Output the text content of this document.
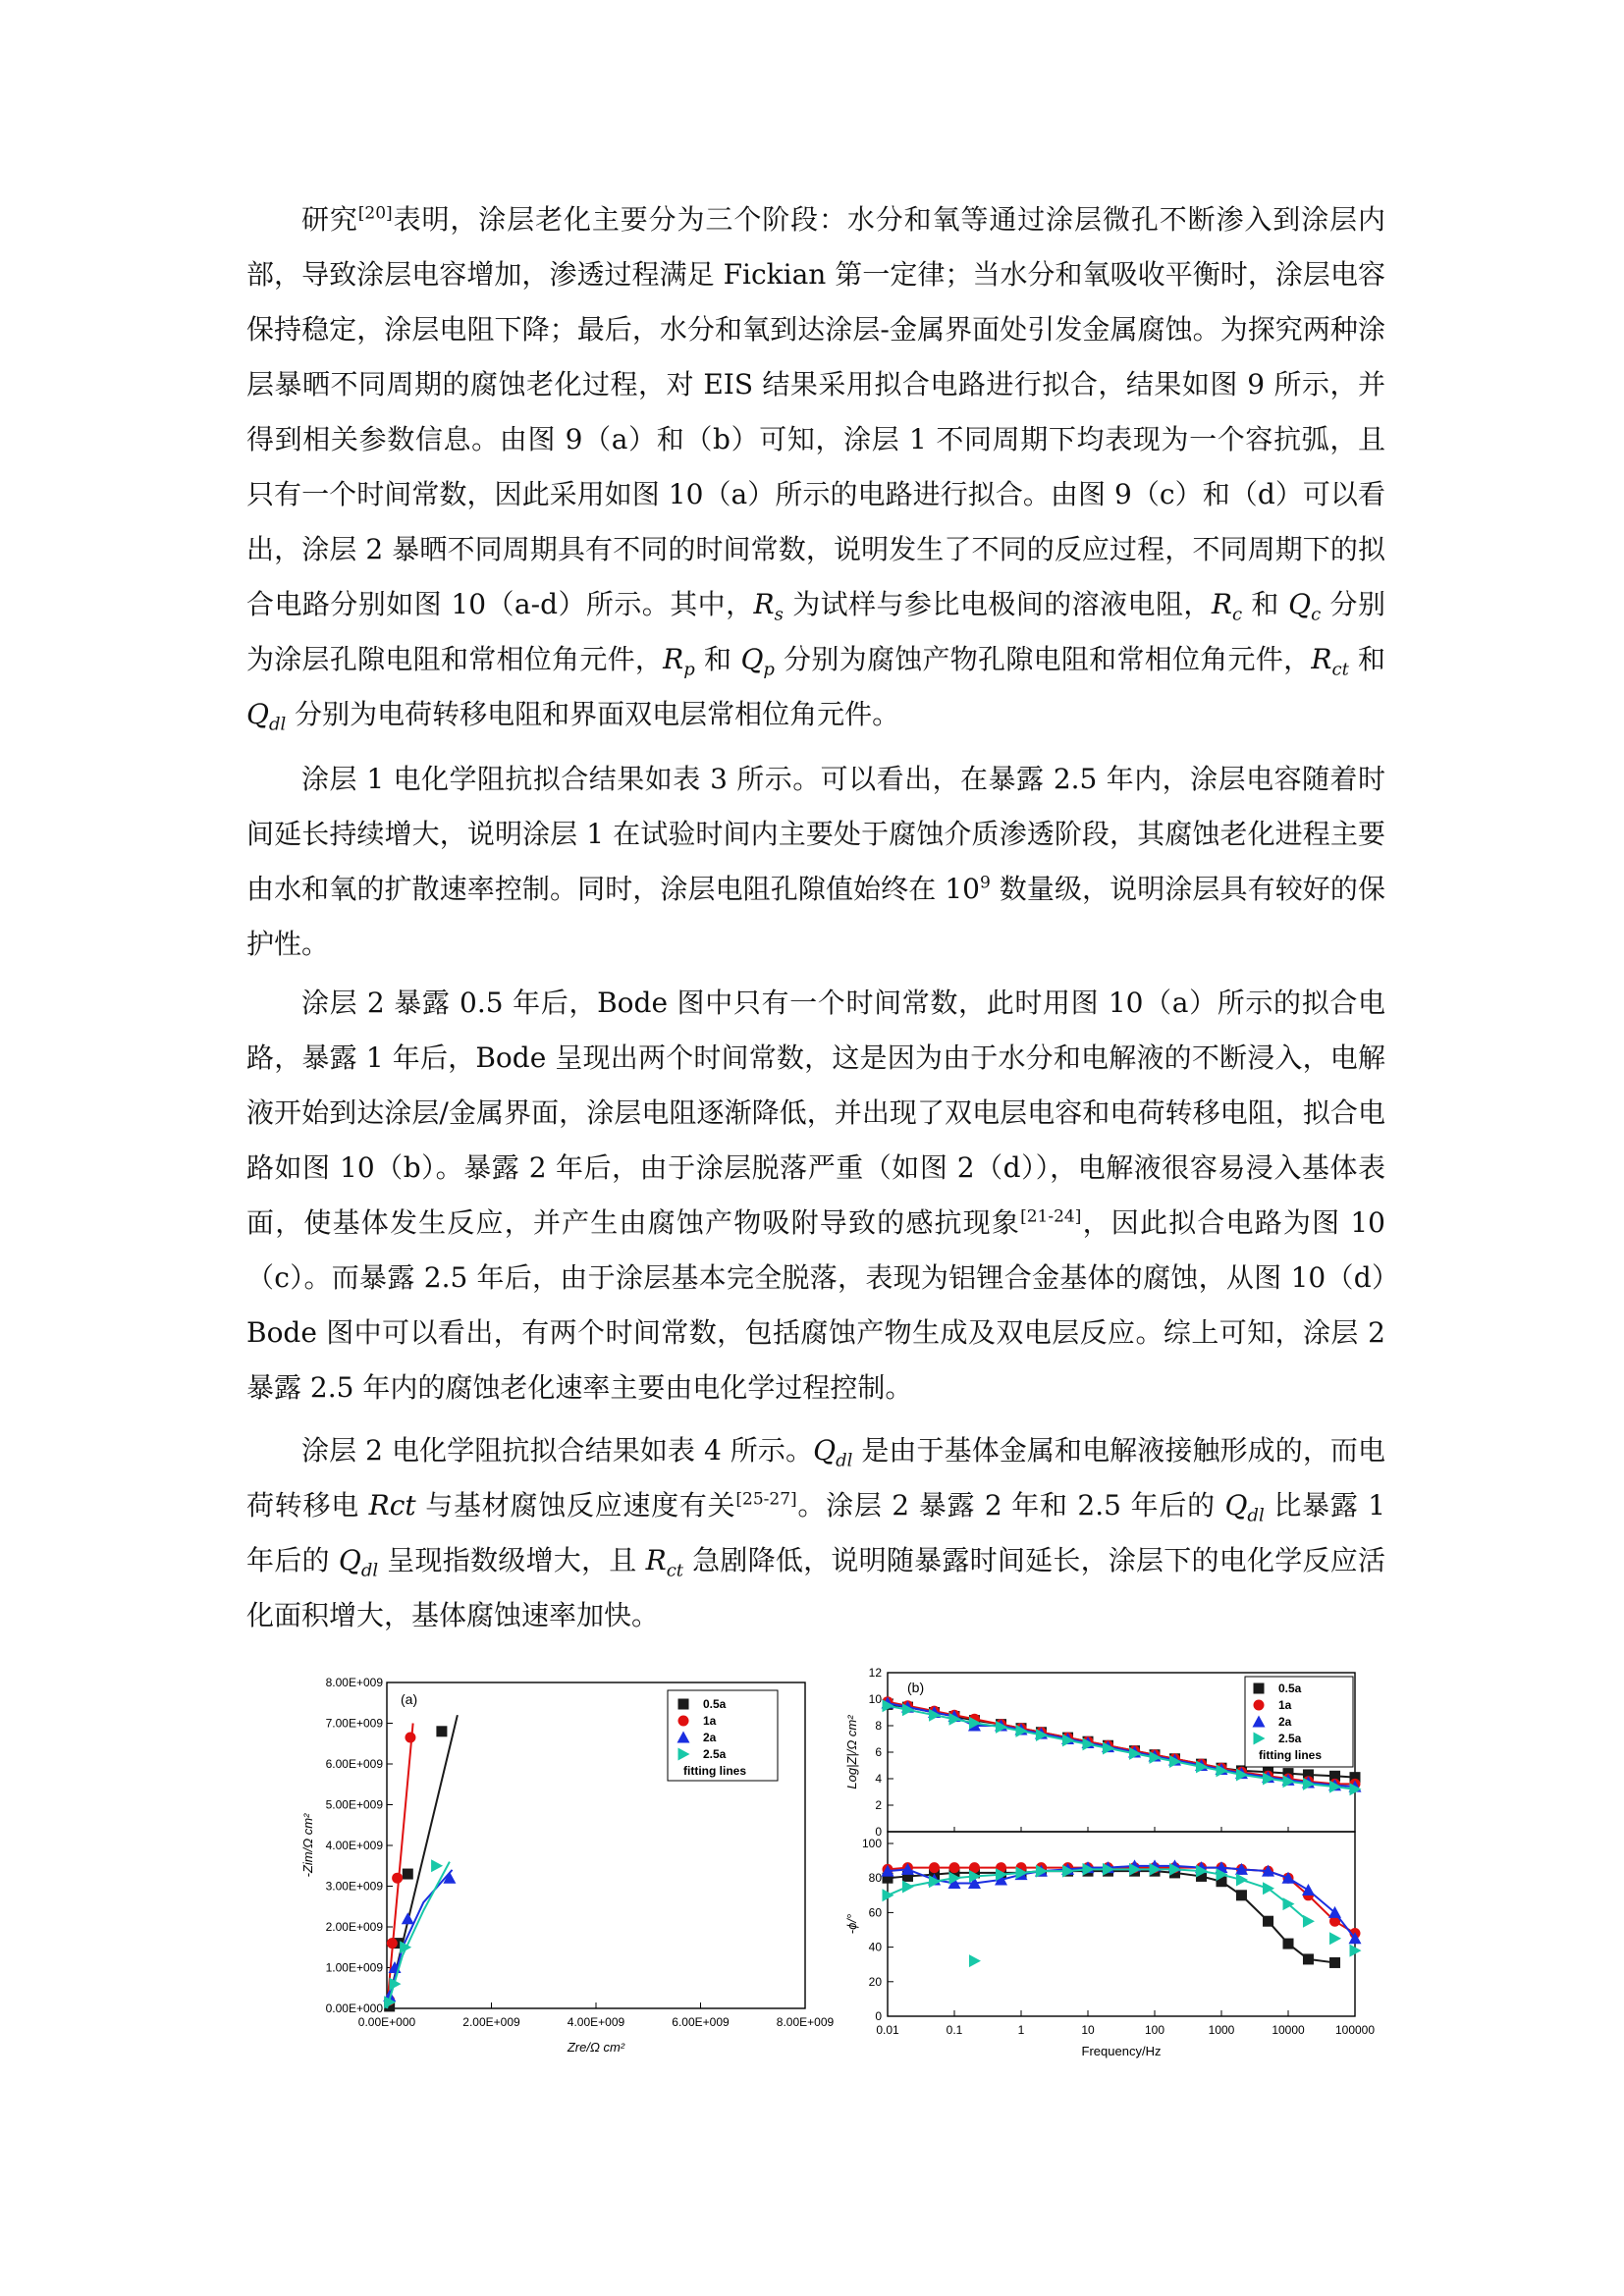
研究[20]表明，涂层老化主要分为三个阶段：水分和氧等通过涂层微孔不断渗入到涂层内部，导致涂层电容增加，渗透过程满足 Fickian 第一定律；当水分和氧吸收平衡时，涂层电容保持稳定，涂层电阻下降；最后，水分和氧到达涂层-金属界面处引发金属腐蚀。为探究两种涂层暴晒不同周期的腐蚀老化过程，对 EIS 结果采用拟合电路进行拟合，结果如图 9 所示，并得到相关参数信息。由图 9（a）和（b）可知，涂层 1 不同周期下均表现为一个容抗弧，且只有一个时间常数，因此采用如图 10（a）所示的电路进行拟合。由图 9（c）和（d）可以看出，涂层 2 暴晒不同周期具有不同的时间常数，说明发生了不同的反应过程，不同周期下的拟合电路分别如图 10（a-d）所示。其中，$R_s$ 为试样与参比电极间的溶液电阻，$R_c$ 和 $Q_c$ 分别为涂层孔隙电阻和常相位角元件，$R_p$ 和 $Q_p$ 分别为腐蚀产物孔隙电阻和常相位角元件，$R_{ct}$ 和 $Q_{dl}$ 分别为电荷转移电阻和界面双电层常相位角元件。

涂层 1 电化学阻抗拟合结果如表 3 所示。可以看出，在暴露 2.5 年内，涂层电容随着时间延长持续增大，说明涂层 1 在试验时间内主要处于腐蚀介质渗透阶段，其腐蚀老化进程主要由水和氧的扩散速率控制。同时，涂层电阻孔隙值始终在 $10^9$ 数量级，说明涂层具有较好的保护性。

涂层 2 暴露 0.5 年后，Bode 图中只有一个时间常数，此时用图 10（a）所示的拟合电路，暴露 1 年后，Bode 呈现出两个时间常数，这是因为由于水分和电解液的不断浸入，电解液开始到达涂层/金属界面，涂层电阻逐渐降低，并出现了双电层电容和电荷转移电阻，拟合电路如图 10（b）。暴露 2 年后，由于涂层脱落严重（如图 2（d）），电解液很容易浸入基体表面，使基体发生反应，并产生由腐蚀产物吸附导致的感抗现象[21-24]，因此拟合电路为图 10（c）。而暴露 2.5 年后，由于涂层基本完全脱落，表现为铝锂合金基体的腐蚀，从图 10（d）Bode 图中可以看出，有两个时间常数，包括腐蚀产物生成及双电层反应。综上可知，涂层 2 暴露 2.5 年内的腐蚀老化速率主要由电化学过程控制。

涂层 2 电化学阻抗拟合结果如表 4 所示。$Q_{dl}$ 是由于基体金属和电解液接触形成的，而电荷转移电 Rct 与基材腐蚀反应速度有关[25-27]。涂层 2 暴露 2 年和 2.5 年后的 $Q_{dl}$ 比暴露 1 年后的 $Q_{dl}$ 呈现指数级增大，且 $R_{ct}$ 急剧降低，说明随暴露时间延长，涂层下的电化学反应活化面积增大，基体腐蚀速率加快。

0.00E+000	2.00E+009	4.00E+009	6.00E+009	8.00E+009
0.00E+000
1.00E+009
2.00E+009
3.00E+009
4.00E+009
5.00E+009
6.00E+009
7.00E+009
8.00E+009
Zre/Ω cm²
-Zim/Ω cm²
(a)	0.5a
1a
2a
2.5a
fitting lines
0.01	0.1	1	10	100	1000	10000	100000
0
2
4
6
8
10
12
0
20
40
60
80
100
Frequency/Hz
Log|Z|/Ω cm²
-ϕ/°
(b)	0.5a
1a
2a
2.5a
fitting lines
